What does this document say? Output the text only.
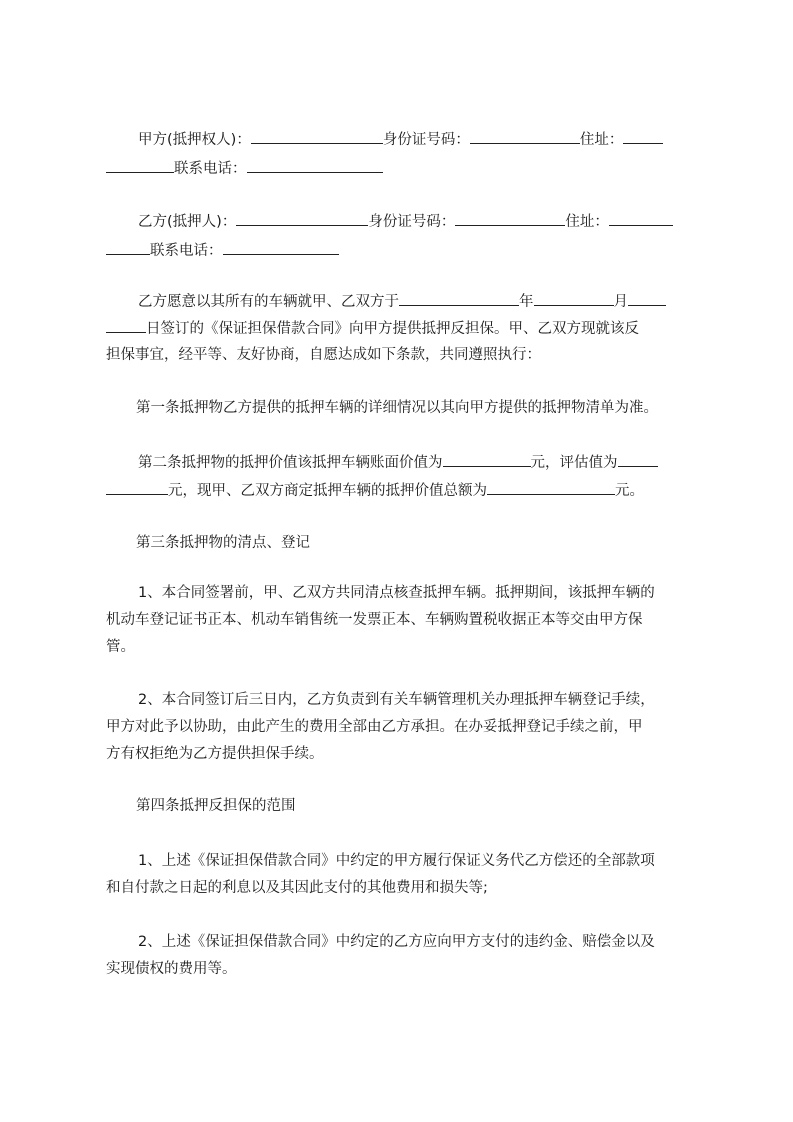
甲方(抵押权人)：	身份证号码：	住址：
联系电话：
乙方(抵押人)：	身份证号码：	住址：
联系电话：
乙方愿意以其所有的车辆就甲、乙双方于	年	月
日签订的《保证担保借款合同》向甲方提供抵押反担保。甲、乙双方现就该反
担保事宜，经平等、友好协商，自愿达成如下条款，共同遵照执行：
第一条抵押物乙方提供的抵押车辆的详细情况以其向甲方提供的抵押物清单为准。
第二条抵押物的抵押价值该抵押车辆账面价值为	元，评估值为
元，现甲、乙双方商定抵押车辆的抵押价值总额为	元。
第三条抵押物的清点、登记
1、本合同签署前，甲、乙双方共同清点核查抵押车辆。抵押期间，该抵押车辆的
机动车登记证书正本、机动车销售统一发票正本、车辆购置税收据正本等交由甲方保
管。
2、本合同签订后三日内，乙方负责到有关车辆管理机关办理抵押车辆登记手续，
甲方对此予以协助，由此产生的费用全部由乙方承担。在办妥抵押登记手续之前，甲
方有权拒绝为乙方提供担保手续。
第四条抵押反担保的范围
1、上述《保证担保借款合同》中约定的甲方履行保证义务代乙方偿还的全部款项
和自付款之日起的利息以及其因此支付的其他费用和损失等;
2、上述《保证担保借款合同》中约定的乙方应向甲方支付的违约金、赔偿金以及
实现债权的费用等。
